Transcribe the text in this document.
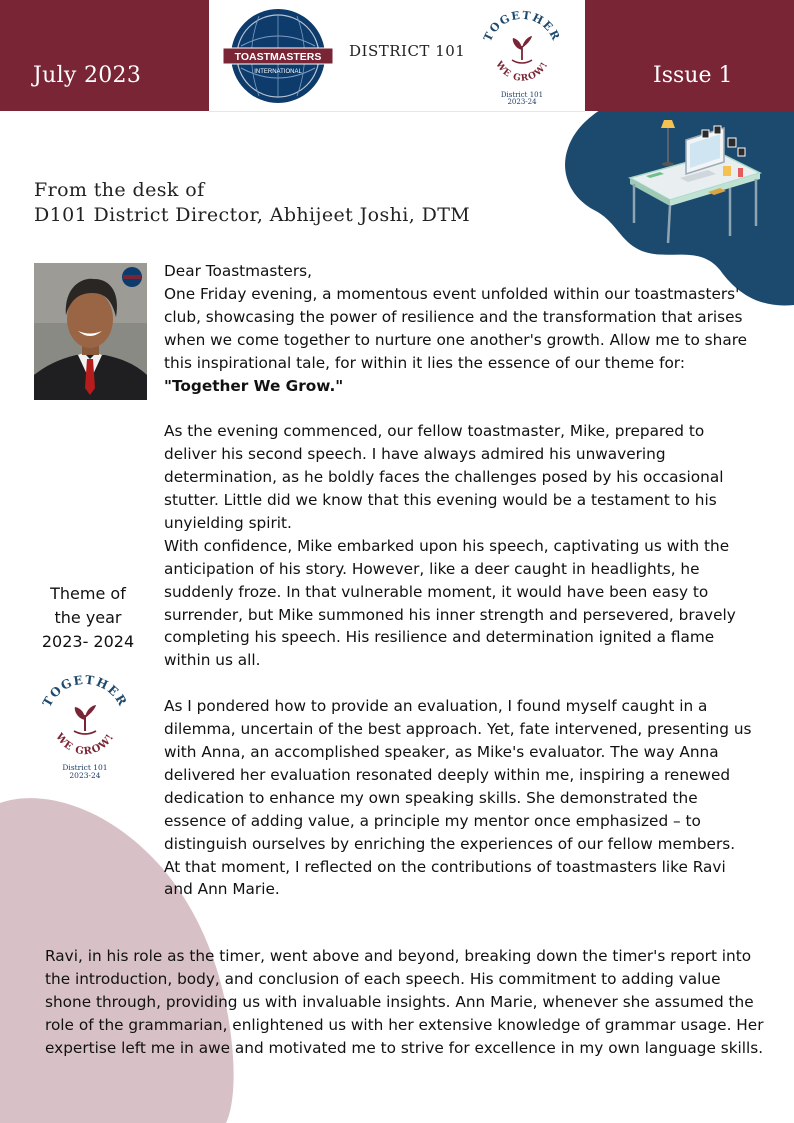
July 2023	Issue 1
TOASTMASTERS
INTERNATIONAL
DISTRICT 101
TOGETHER
WE GROW!
District 101
2023-24
From the desk of
D101 District Director, Abhijeet Joshi, DTM
Theme of
the year
2023- 2024
TOGETHER
WE GROW!
District 101
2023-24

Dear Toastmasters,

One Friday evening, a momentous event unfolded within our toastmasters' club, showcasing the power of resilience and the transformation that arises when we come together to nurture one another's growth. Allow me to share this inspirational tale, for within it lies the essence of our theme for: "Together We Grow."

As the evening commenced, our fellow toastmaster, Mike, prepared to deliver his second speech. I have always admired his unwavering determination, as he boldly faces the challenges posed by his occasional stutter. Little did we know that this evening would be a testament to his unyielding spirit.

With confidence, Mike embarked upon his speech, captivating us with the anticipation of his story. However, like a deer caught in headlights, he suddenly froze. In that vulnerable moment, it would have been easy to surrender, but Mike summoned his inner strength and persevered, bravely completing his speech. His resilience and determination ignited a flame within us all.

As I pondered how to provide an evaluation, I found myself caught in a dilemma, uncertain of the best approach. Yet, fate intervened, presenting us with Anna, an accomplished speaker, as Mike's evaluator. The way Anna delivered her evaluation resonated deeply within me, inspiring a renewed dedication to enhance my own speaking skills. She demonstrated the essence of adding value, a principle my mentor once emphasized – to distinguish ourselves by enriching the experiences of our fellow members.

At that moment, I reflected on the contributions of toastmasters like Ravi and Ann Marie.

Ravi, in his role as the timer, went above and beyond, breaking down the timer's report into the introduction, body, and conclusion of each speech. His commitment to adding value shone through, providing us with invaluable insights. Ann Marie, whenever she assumed the role of the grammarian, enlightened us with her extensive knowledge of grammar usage. Her expertise left me in awe and motivated me to strive for excellence in my own language skills.
